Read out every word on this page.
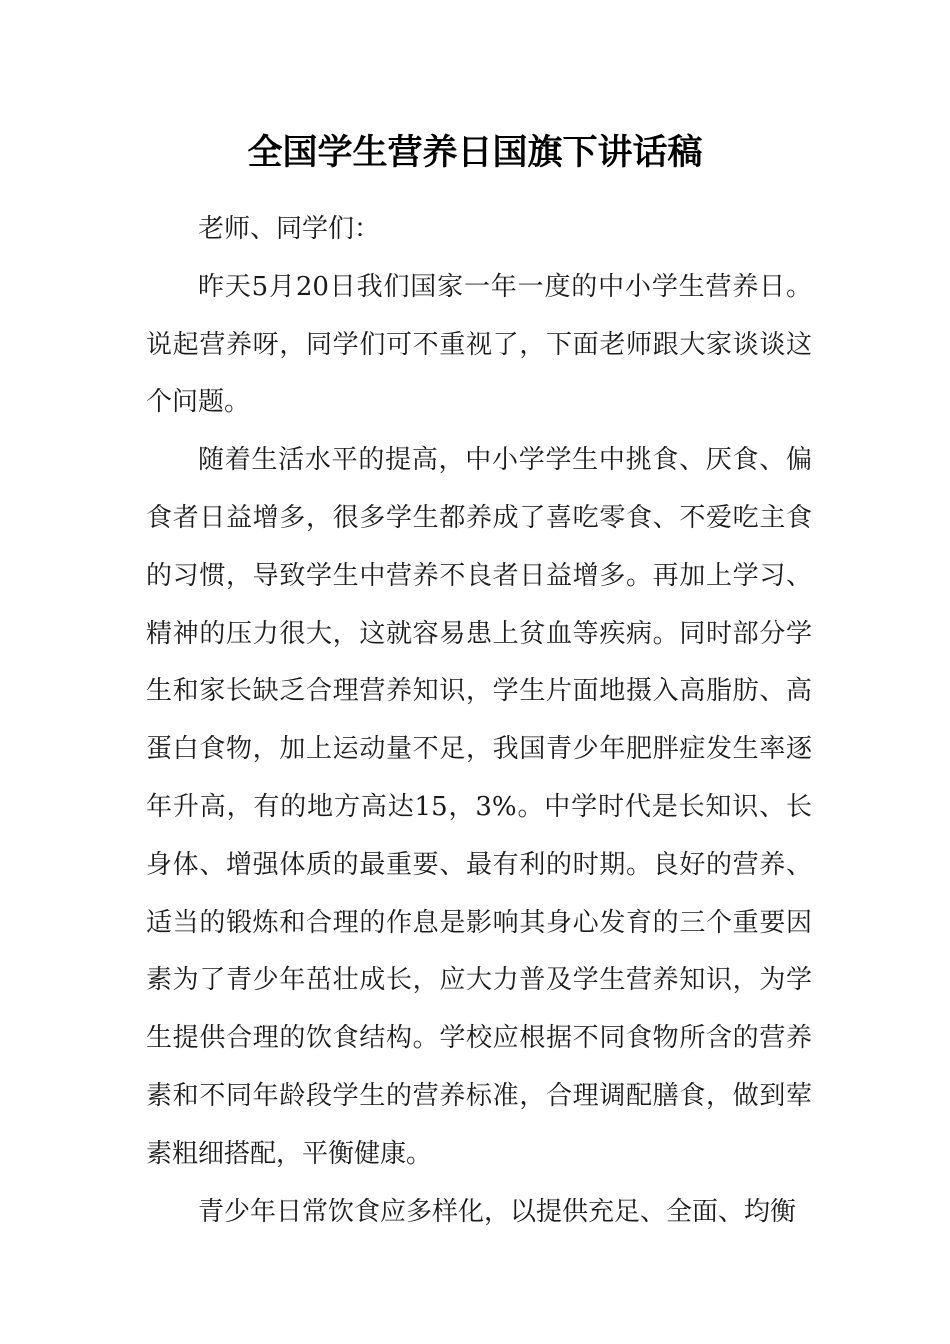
全国学生营养日国旗下讲话稿

老师、同学们：

昨天5月20日我们国家一年一度的中小学生营养日。说起营养呀，同学们可不重视了，下面老师跟大家谈谈这个问题。

随着生活水平的提高，中小学学生中挑食、厌食、偏食者日益增多，很多学生都养成了喜吃零食、不爱吃主食的习惯，导致学生中营养不良者日益增多。再加上学习、精神的压力很大，这就容易患上贫血等疾病。同时部分学生和家长缺乏合理营养知识，学生片面地摄入高脂肪、高蛋白食物，加上运动量不足，我国青少年肥胖症发生率逐年升高，有的地方高达15，3%。中学时代是长知识、长身体、增强体质的最重要、最有利的时期。良好的营养、适当的锻炼和合理的作息是影响其身心发育的三个重要因素为了青少年茁壮成长，应大力普及学生营养知识，为学生提供合理的饮食结构。学校应根据不同食物所含的营养素和不同年龄段学生的营养标准，合理调配膳食，做到荤素粗细搭配，平衡健康。

青少年日常饮食应多样化，以提供充足、全面、均衡
